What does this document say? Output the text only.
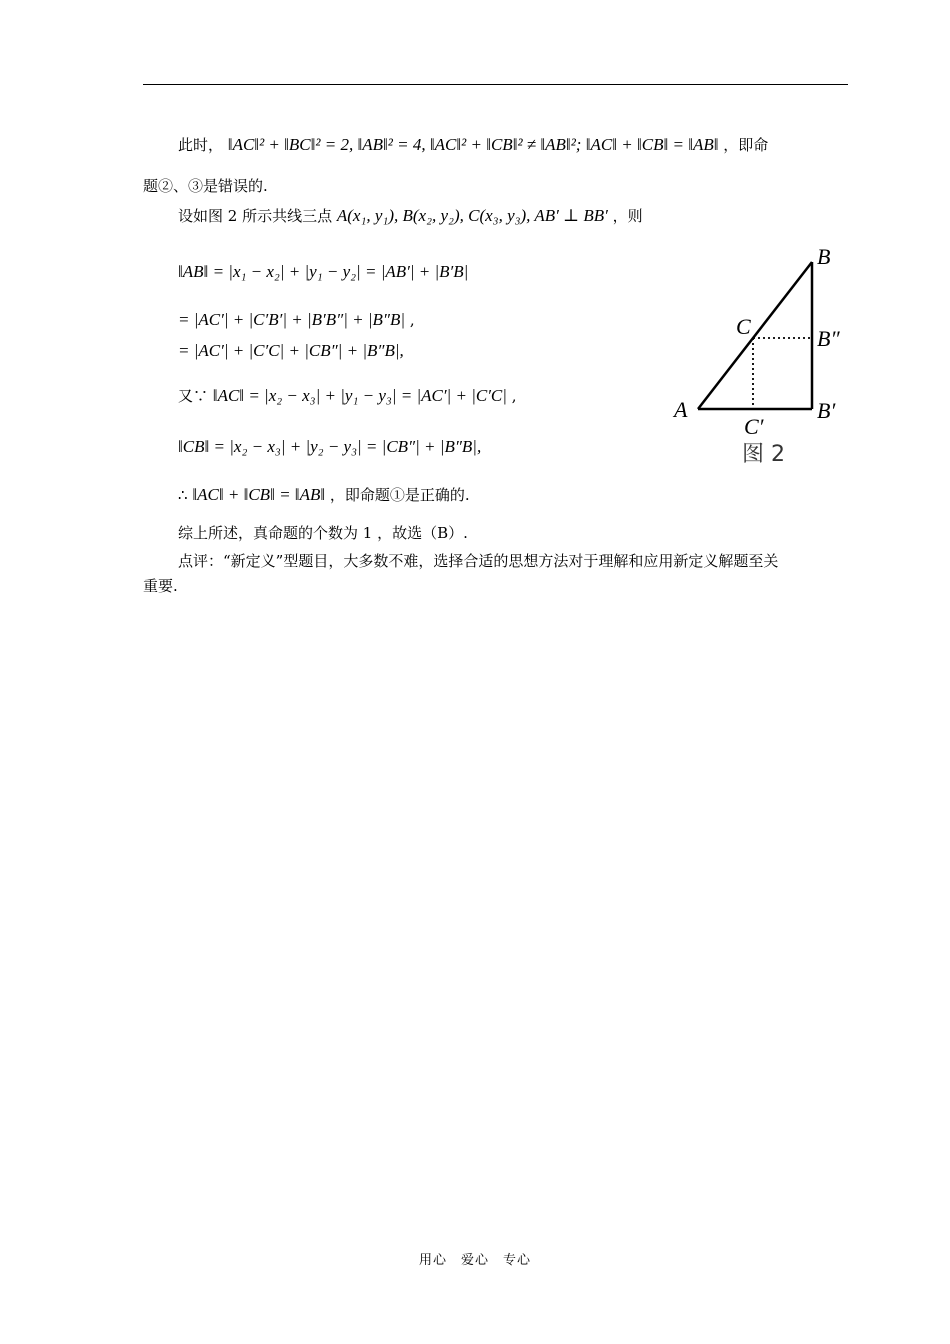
此时， ‖AC‖² + ‖BC‖² = 2, ‖AB‖² = 4, ‖AC‖² + ‖CB‖² ≠ ‖AB‖²; ‖AC‖ + ‖CB‖ = ‖AB‖ ，即命
题②、③是错误的.
设如图 2 所示共线三点 A(x₁, y₁), B(x₂, y₂), C(x₃, y₃), AB′ ⊥ BB′ ，则
‖AB‖ = |x₁ − x₂| + |y₁ − y₂| = |AB′| + |B′B|
= |AC′| + |C′B′| + |B′B″| + |B″B| ,
= |AC′| + |C′C| + |CB″| + |B″B|,
又∵ ‖AC‖ = |x₂ − x₃| + |y₁ − y₃| = |AC′| + |C′C| ,
‖CB‖ = |x₂ − x₃| + |y₂ − y₃| = |CB″| + |B″B|,
∴ ‖AC‖ + ‖CB‖ = ‖AB‖ ，即命题①是正确的.
综上所述，真命题的个数为 1 ，故选（B）.
点评：“新定义”型题目，大多数不难，选择合适的思想方法对于理解和应用新定义解题至关
重要.
B
C	B″
A	B′
C′
图 2
用心　爱心　专心
